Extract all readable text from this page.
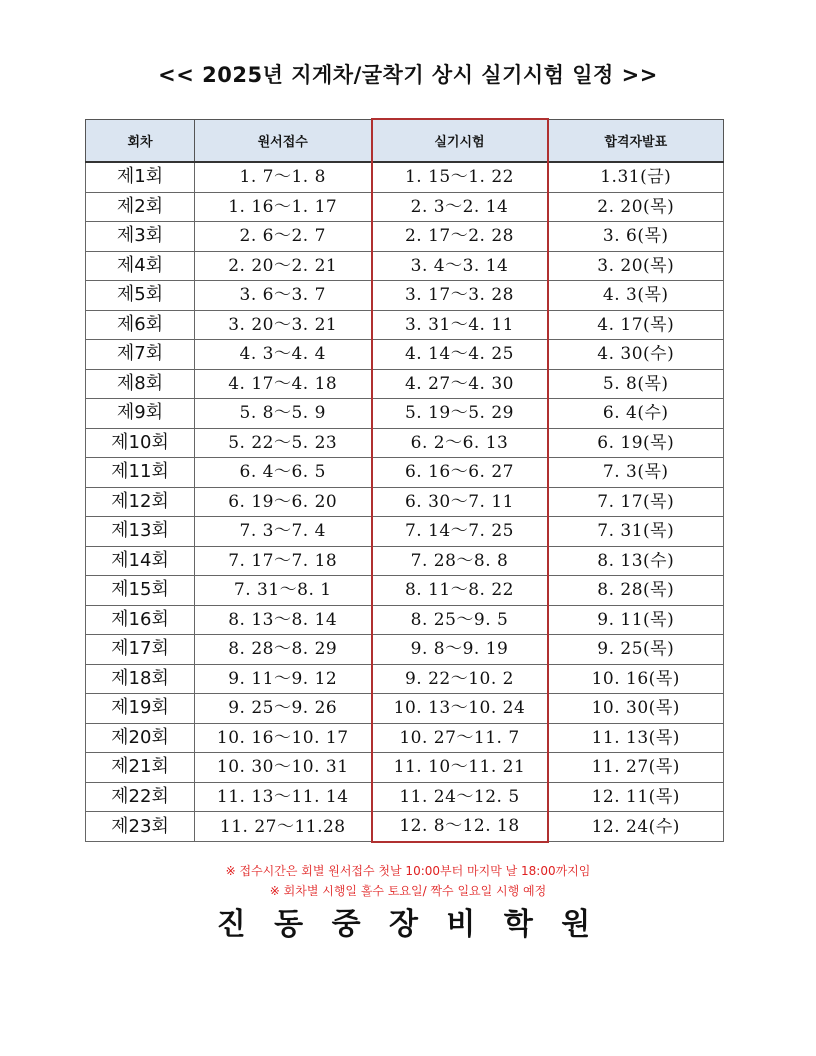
<< 2025년 지게차/굴착기 상시 실기시험 일정 >>
회차	원서접수	실기시험	합격자발표
제1회	1. 7～1. 8	1. 15～1. 22	1.31(금)
제2회	1. 16～1. 17	2. 3～2. 14	2. 20(목)
제3회	2. 6～2. 7	2. 17～2. 28	3. 6(목)
제4회	2. 20～2. 21	3. 4～3. 14	3. 20(목)
제5회	3. 6～3. 7	3. 17～3. 28	4. 3(목)
제6회	3. 20～3. 21	3. 31～4. 11	4. 17(목)
제7회	4. 3～4. 4	4. 14～4. 25	4. 30(수)
제8회	4. 17～4. 18	4. 27～4. 30	5. 8(목)
제9회	5. 8～5. 9	5. 19～5. 29	6. 4(수)
제10회	5. 22～5. 23	6. 2～6. 13	6. 19(목)
제11회	6. 4～6. 5	6. 16～6. 27	7. 3(목)
제12회	6. 19～6. 20	6. 30～7. 11	7. 17(목)
제13회	7. 3～7. 4	7. 14～7. 25	7. 31(목)
제14회	7. 17～7. 18	7. 28～8. 8	8. 13(수)
제15회	7. 31～8. 1	8. 11～8. 22	8. 28(목)
제16회	8. 13～8. 14	8. 25～9. 5	9. 11(목)
제17회	8. 28～8. 29	9. 8～9. 19	9. 25(목)
제18회	9. 11～9. 12	9. 22～10. 2	10. 16(목)
제19회	9. 25～9. 26	10. 13～10. 24	10. 30(목)
제20회	10. 16～10. 17	10. 27～11. 7	11. 13(목)
제21회	10. 30～10. 31	11. 10～11. 21	11. 27(목)
제22회	11. 13～11. 14	11. 24～12. 5	12. 11(목)
제23회	11. 27～11.28	12. 8～12. 18	12. 24(수)
※ 접수시간은 회별 원서접수 첫날 10:00부터 마지막 날 18:00까지임
※ 회차별 시행일 홀수 토요일/ 짝수 일요일 시행 예정
진 동 중 장 비 학 원
